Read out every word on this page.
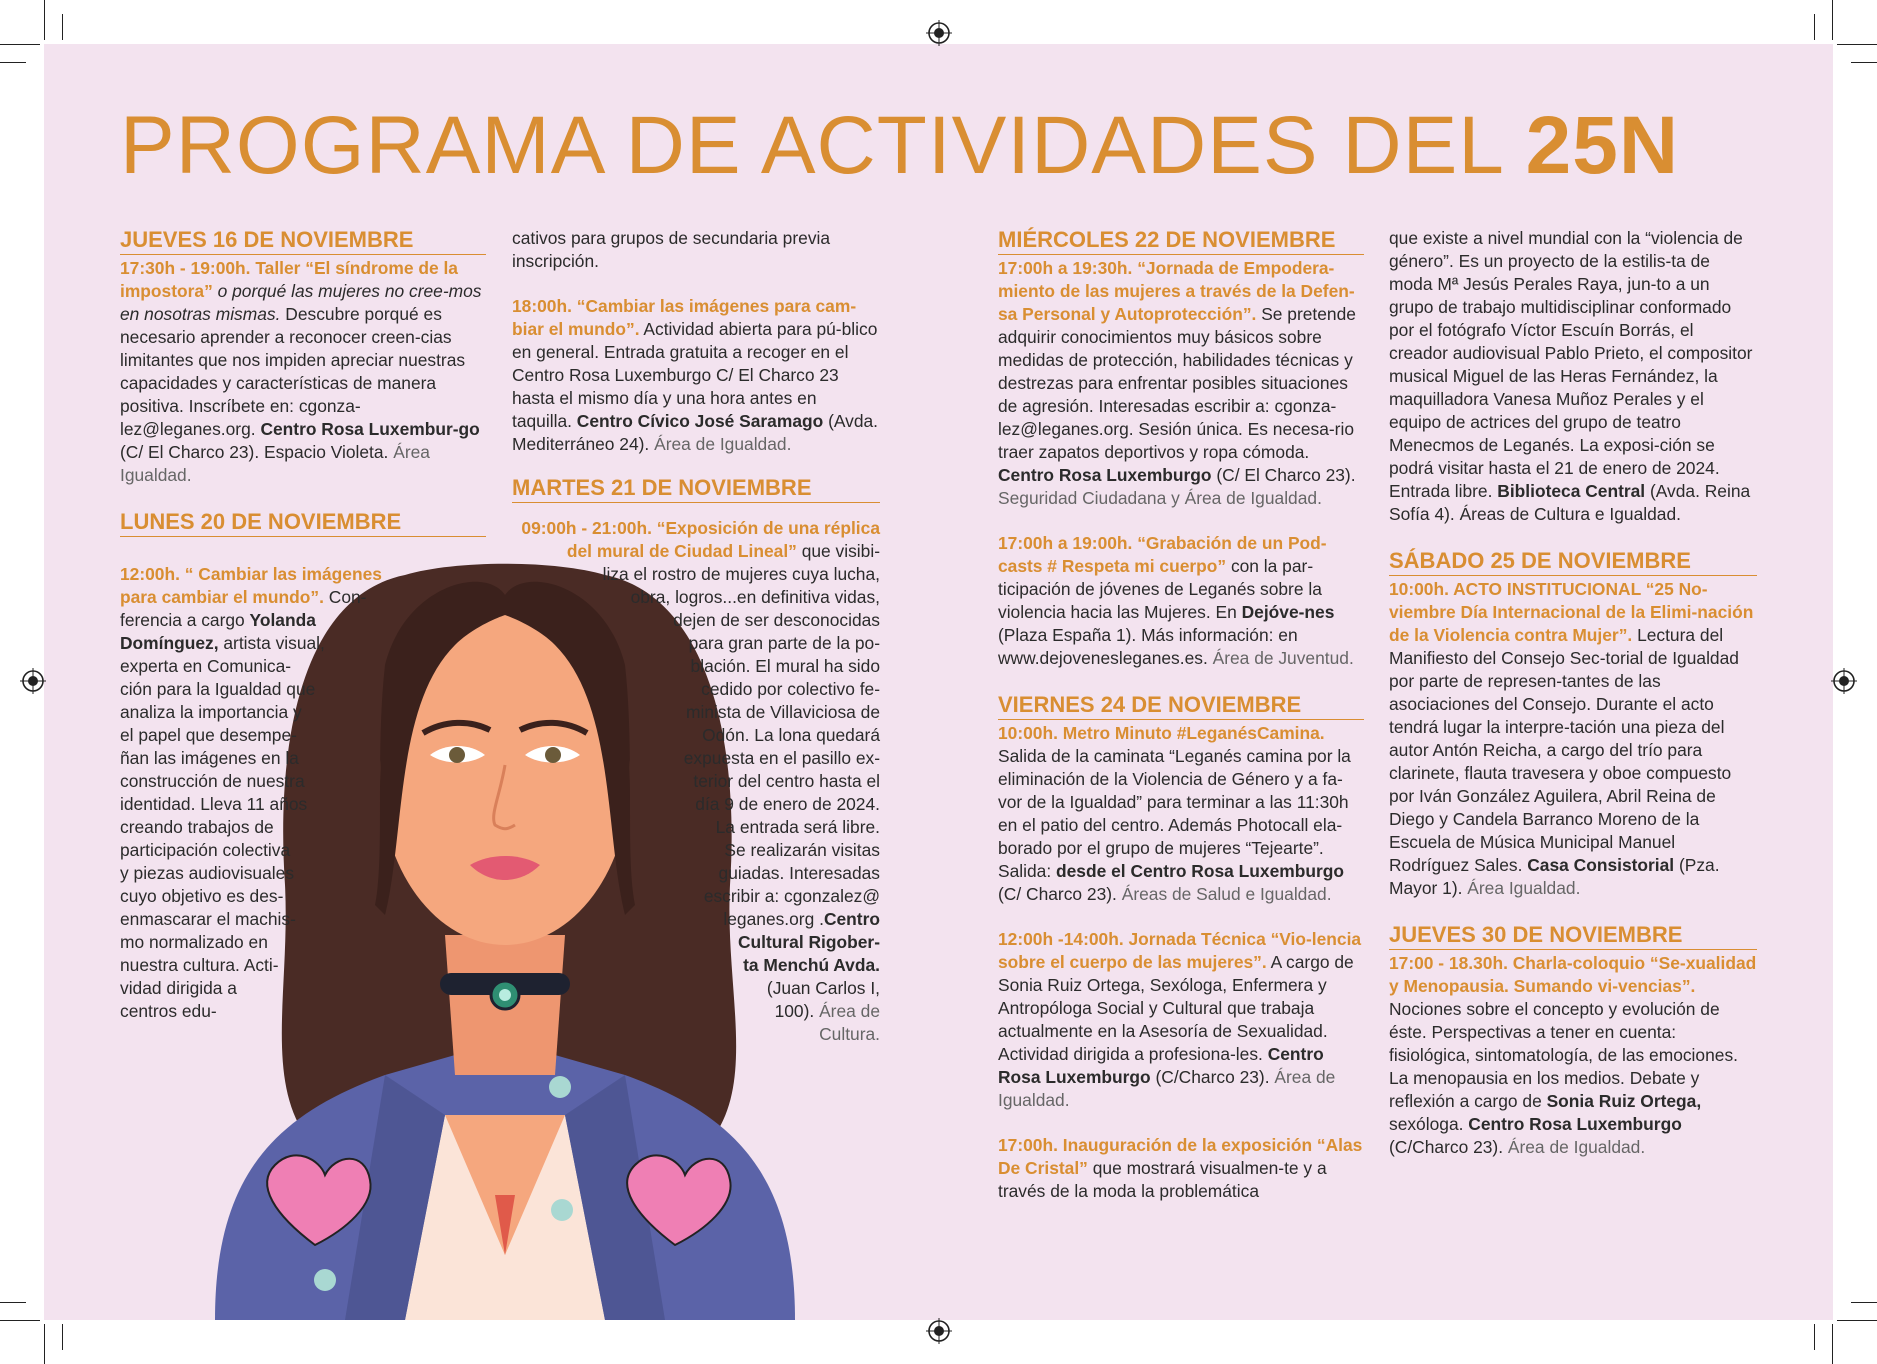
PROGRAMA DE ACTIVIDADES DEL 25N
JUEVES 16 DE NOVIEMBRE

17:30h - 19:00h. Taller “El síndrome de la impostora” o porqué las mujeres no cree-mos en nosotras mismas. Descubre porqué es necesario aprender a reconocer creen-cias limitantes que nos impiden apreciar nuestras capacidades y características de manera positiva. Inscríbete en: cgonza-lez@leganes.org. Centro Rosa Luxembur-go (C/ El Charco 23). Espacio Violeta. Área Igualdad.

LUNES 20 DE NOVIEMBRE
12:00h. “ Cambiar las imágenes
para cambiar el mundo”. Con-
ferencia a cargo Yolanda
Domínguez, artista visual,
experta en Comunica-
ción para la Igualdad que
analiza la importancia y
el papel que desempe-
ñan las imágenes en la
construcción de nuestra
identidad. Lleva 11 años
creando trabajos de
participación colectiva
y piezas audiovisuales
cuyo objetivo es des-
enmascarar el machis-
mo normalizado en
nuestra cultura. Acti-
vidad dirigida a
centros edu-

cativos para grupos de secundaria previa inscripción.

18:00h. “Cambiar las imágenes para cam-biar el mundo”. Actividad abierta para pú-blico en general. Entrada gratuita a recoger en el Centro Rosa Luxemburgo C/ El Charco 23 hasta el mismo día y una hora antes en taquilla. Centro Cívico José Saramago (Avda. Mediterráneo 24). Área de Igualdad.

MARTES 21 DE NOVIEMBRE
09:00h - 21:00h. “Exposición de una réplica
del mural de Ciudad Lineal” que visibi-
liza el rostro de mujeres cuya lucha,
obra, logros...en definitiva vidas,
dejen de ser desconocidas
para gran parte de la po-
blación. El mural ha sido
cedido por colectivo fe-
minista de Villaviciosa de
Odón. La lona quedará
expuesta en el pasillo ex-
terior del centro hasta el
día 9 de enero de 2024.
La entrada será libre.
Se realizarán visitas
guiadas. Interesadas
escribir a: cgonzalez@
leganes.org .Centro
Cultural Rigober-
ta Menchú Avda.
(Juan Carlos I,
100). Área de
Cultura.
MIÉRCOLES 22 DE NOVIEMBRE

17:00h a 19:30h. “Jornada de Empodera-miento de las mujeres a través de la Defen-sa Personal y Autoprotección”. Se pretende adquirir conocimientos muy básicos sobre medidas de protección, habilidades técnicas y destrezas para enfrentar posibles situaciones de agresión. Interesadas escribir a: cgonza-lez@leganes.org. Sesión única. Es necesa-rio traer zapatos deportivos y ropa cómoda. Centro Rosa Luxemburgo (C/ El Charco 23). Seguridad Ciudadana y Área de Igualdad.

17:00h a 19:00h. “Grabación de un Pod-casts # Respeta mi cuerpo” con la par-ticipación de jóvenes de Leganés sobre la violencia hacia las Mujeres. En Dejóve-nes (Plaza España 1). Más información: en www.dejovenesleganes.es. Área de Juventud.

VIERNES 24 DE NOVIEMBRE

10:00h. Metro Minuto #LeganésCamina. Salida de la caminata “Leganés camina por la eliminación de la Violencia de Género y a fa-vor de la Igualdad” para terminar a las 11:30h en el patio del centro. Además Photocall ela-borado por el grupo de mujeres “Tejearte”. Salida: desde el Centro Rosa Luxemburgo (C/ Charco 23). Áreas de Salud e Igualdad.

12:00h -14:00h. Jornada Técnica “Vio-lencia sobre el cuerpo de las mujeres”. A cargo de Sonia Ruiz Ortega, Sexóloga, Enfermera y Antropóloga Social y Cultural que trabaja actualmente en la Asesoría de Sexualidad. Actividad dirigida a profesiona-les. Centro Rosa Luxemburgo (C/Charco 23). Área de Igualdad.

17:00h. Inauguración de la exposición “Alas De Cristal” que mostrará visualmen-te y a través de la moda la problemática

que existe a nivel mundial con la “violencia de género”. Es un proyecto de la estilis-ta de moda Mª Jesús Perales Raya, jun-to a un grupo de trabajo multidisciplinar conformado por el fotógrafo Víctor Escuín Borrás, el creador audiovisual Pablo Prieto, el compositor musical Miguel de las Heras Fernández, la maquilladora Vanesa Muñoz Perales y el equipo de actrices del grupo de teatro Menecmos de Leganés. La exposi-ción se podrá visitar hasta el 21 de enero de 2024. Entrada libre. Biblioteca Central (Avda. Reina Sofía 4). Áreas de Cultura e Igualdad.

SÁBADO 25 DE NOVIEMBRE

10:00h. ACTO INSTITUCIONAL “25 No-viembre Día Internacional de la Elimi-nación de la Violencia contra Mujer”. Lectura del Manifiesto del Consejo Sec-torial de Igualdad por parte de represen-tantes de las asociaciones del Consejo. Durante el acto tendrá lugar la interpre-tación una pieza del autor Antón Reicha, a cargo del trío para clarinete, flauta travesera y oboe compuesto por Iván González Aguilera, Abril Reina de Diego y Candela Barranco Moreno de la Escuela de Música Municipal Manuel Rodríguez Sales. Casa Consistorial (Pza. Mayor 1). Área Igualdad.

JUEVES 30 DE NOVIEMBRE

17:00 - 18.30h. Charla-coloquio “Se-xualidad y Menopausia. Sumando vi-vencias”. Nociones sobre el concepto y evolución de éste. Perspectivas a tener en cuenta: fisiológica, sintomatología, de las emociones. La menopausia en los medios. Debate y reflexión a cargo de Sonia Ruiz Ortega, sexóloga. Centro Rosa Luxemburgo (C/Charco 23). Área de Igualdad.
